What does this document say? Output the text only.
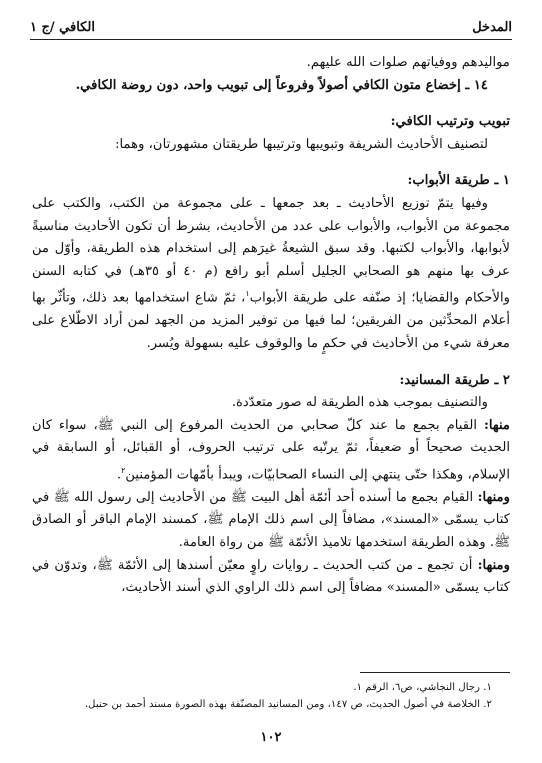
الكافي /ج ١	المدخل

مواليدهم ووفياتهم صلوات الله عليهم.

١٤ ـ إخضاع متون الكافي أصولاً وفروعاً إلى تبويب واحد، دون روضة الكافي.

تبويب وترتيب الكافي:

لتصنيف الأحاديث الشريفة وتبويبها وترتيبها طريقتان مشهورتان، وهما:

١ ـ طريقة الأبواب:

وفيها يتمّ توزيع الأحاديث ـ بعد جمعها ـ على مجموعة من الكتب، والكتب على مجموعة من الأبواب، والأبواب على عدد من الأحاديث، بشرط أن تكون الأحاديث مناسبةً لأبوابها، والأبواب لكتبها. وقد سبق الشيعةُ غيرَهم إلى استخدام هذه الطريقة، وأوّل من عرف بها منهم هو الصحابي الجليل أسلم أبو رافع (م ٤٠ أو ٣٥هـ) في كتابه السنن والأحكام والقضايا؛ إذ صنّفه على طريقة الأبواب$^١$، ثمّ شاع استخدامها بعد ذلك، وتأثّر بها أعلام المحدِّثين من الفريقين؛ لما فيها من توفير المزيد من الجهد لمن أراد الاطّلاع على معرفة شيء من الأحاديث في حكمٍ ما والوقوف عليه بسهولة ويُسر.

٢ ـ طريقة المسانيد:

والتصنيف بموجب هذه الطريقة له صور متعدّدة.

منها: القيام بجمع ما عند كلّ صحابي من الحديث المرفوع إلى النبي ﷺ، سواء كان الحديث صحيحاً أو ضعيفاً، ثمّ يرتّبه على ترتيب الحروف، أو القبائل، أو السابقة في الإسلام، وهكذا حتّى ينتهي إلى النساء الصحابيّات، ويبدأ بأمّهات المؤمنين$^٢$.

ومنها: القيام بجمع ما أسنده أحد أئمّة أهل البيت ﷺ من الأحاديث إلى رسول الله ﷺ في كتاب يسمّى «المسند»، مضافاً إلى اسم ذلك الإمام ﷺ، كمسند الإمام الباقر أو الصادق ﷺ. وهذه الطريقة استخدمها تلاميذ الأئمّة ﷺ من رواة العامة.

ومنها: أن تجمع ـ من كتب الحديث ـ روايات راوٍ معيّن أسندها إلى الأئمّة ﷺ، وتدوّن في كتاب يسمّى «المسند» مضافاً إلى اسم ذلك الراوي الذي أسند الأحاديث،

١. رجال النجاشي، ص٦، الرقم ١.

٢. الخلاصة في أصول الحديث، ص ١٤٧، ومن المسانيد المصنّفة بهذه الصورة مسند أحمد بن حنبل.

١٠٢
